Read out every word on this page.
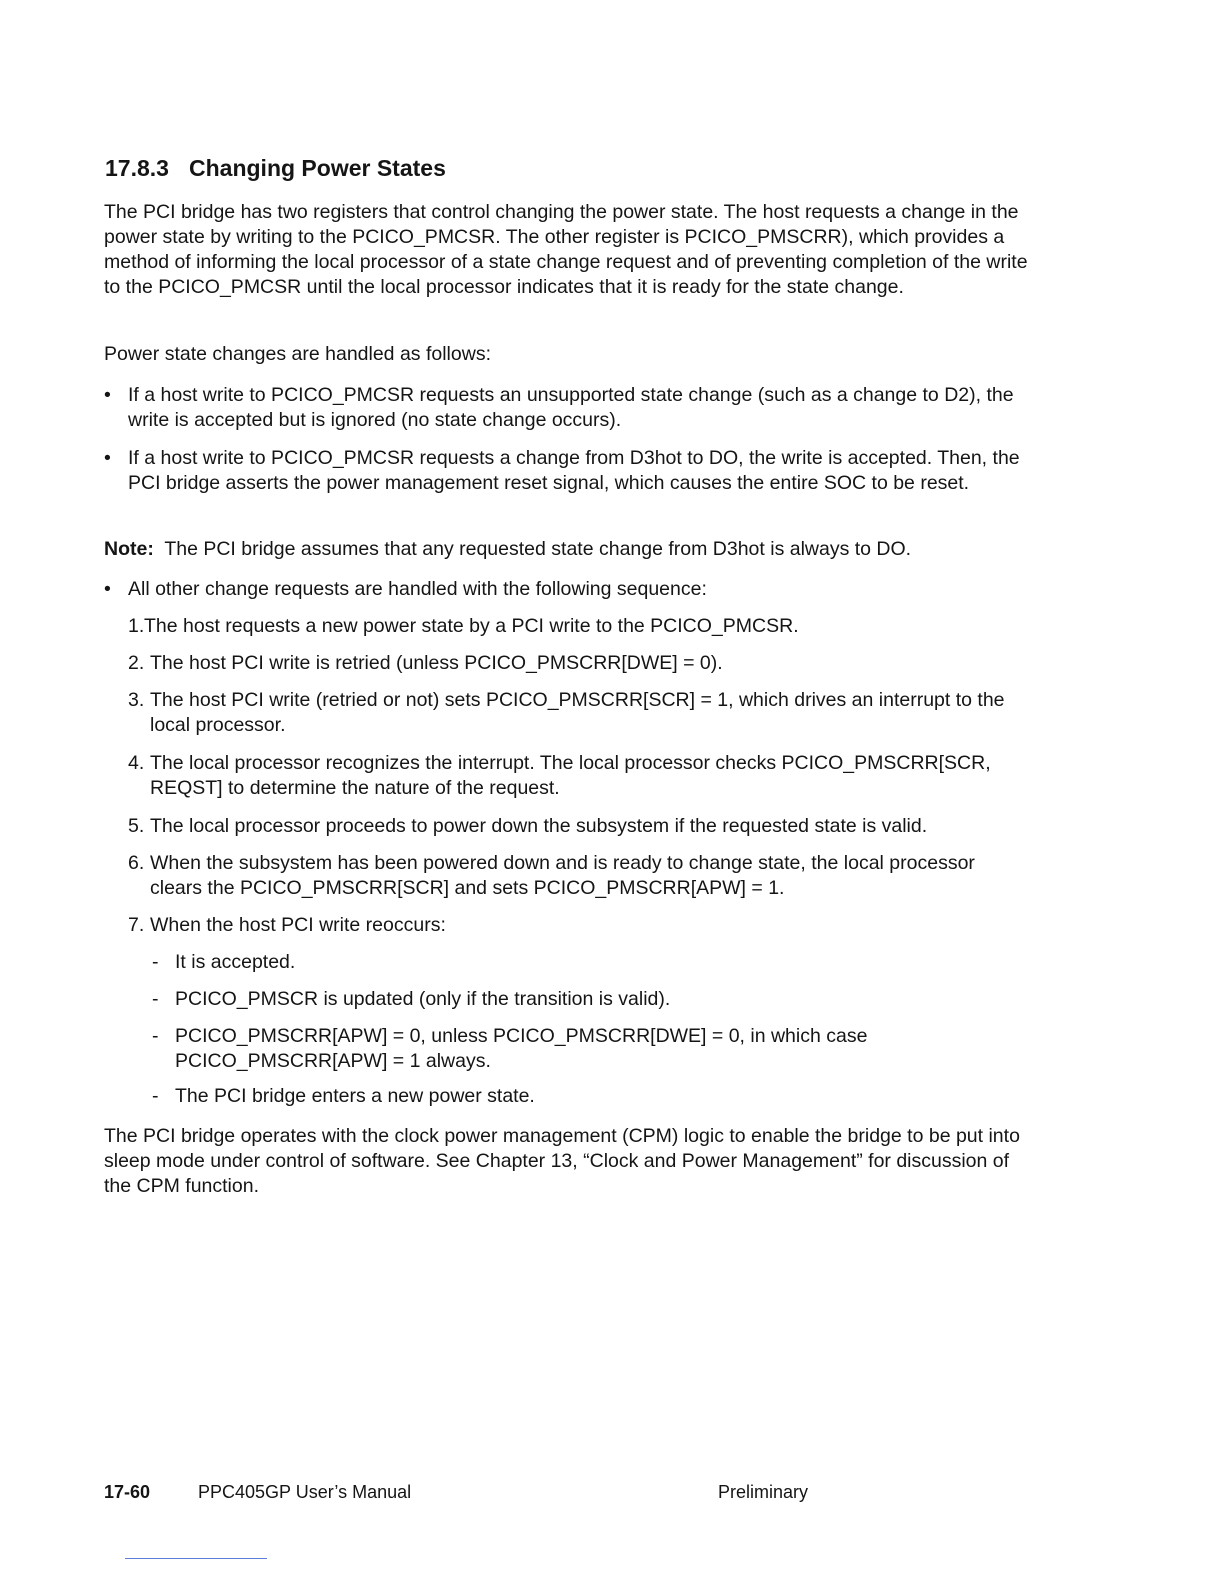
17.8.3 Changing Power States
The PCI bridge has two registers that control changing the power state. The host requests a change in the power state by writing to the PCICO_PMCSR. The other register is PCICO_PMSCRR), which provides a method of informing the local processor of a state change request and of preventing completion of the write to the PCICO_PMCSR until the local processor indicates that it is ready for the state change.
Power state changes are handled as follows:
• If a host write to PCICO_PMCSR requests an unsupported state change (such as a change to D2), the write is accepted but is ignored (no state change occurs).
• If a host write to PCICO_PMCSR requests a change from D3hot to DO, the write is accepted. Then, the PCI bridge asserts the power management reset signal, which causes the entire SOC to be reset.
Note: The PCI bridge assumes that any requested state change from D3hot is always to DO.
• All other change requests are handled with the following sequence:
1. The host requests a new power state by a PCI write to the PCICO_PMCSR.
2. The host PCI write is retried (unless PCICO_PMSCRR[DWE] = 0).
3. The host PCI write (retried or not) sets PCICO_PMSCRR[SCR] = 1, which drives an interrupt to the local processor.
4. The local processor recognizes the interrupt. The local processor checks PCICO_PMSCRR[SCR, REQST] to determine the nature of the request.
5. The local processor proceeds to power down the subsystem if the requested state is valid.
6. When the subsystem has been powered down and is ready to change state, the local processor clears the PCICO_PMSCRR[SCR] and sets PCICO_PMSCRR[APW] = 1.
7. When the host PCI write reoccurs:
- It is accepted.
- PCICO_PMSCR is updated (only if the transition is valid).
- PCICO_PMSCRR[APW] = 0, unless PCICO_PMSCRR[DWE] = 0, in which case PCICO_PMSCRR[APW] = 1 always.
- The PCI bridge enters a new power state.
The PCI bridge operates with the clock power management (CPM) logic to enable the bridge to be put into sleep mode under control of software. See Chapter 13, “Clock and Power Management” for discussion of the CPM function.
17-60	PPC405GP User’s Manual	Preliminary
